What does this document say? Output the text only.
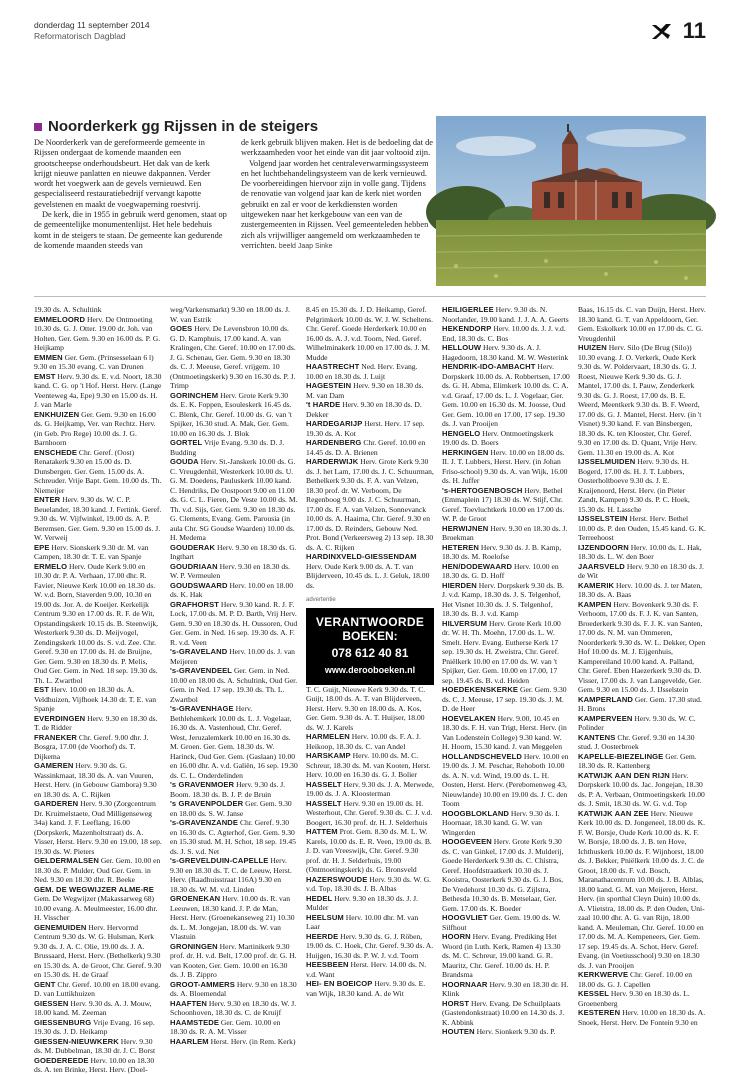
donderdag 11 september 2014
Reformatorisch Dagblad	11
Noorderkerk gg Rijssen in de steigers

De Noorderkerk van de gereformeerde gemeente in Rijssen ondergaat de komende maanden een grootscheepse onderhoudsbeurt. Het dak van de kerk krijgt nieuwe panlatten en nieuwe dakpannen. Verder wordt het voegwerk aan de gevels vernieuwd. Een gespecialiseerd restauratiebedrijf vervangt kapotte gevelstenen en maakt de voegwaperning roestvrij.

De kerk, die in 1955 in gebruik werd genomen, staat op de gemeentelijke monumentenlijst. Het hele bedehuis komt in de steigers te staan. De gemeente kan gedurende de komende maanden steeds van

de kerk gebruik blijven maken. Het is de bedoeling dat de werkzaamheden voor het einde van dit jaar voltooid zijn.

Volgend jaar worden het centraleverwarmingssysteem en het luchtbehandelingsysteem van de kerk vernieuwd. De voorbereidingen hiervoor zijn in volle gang. Tijdens de renovatie van volgend jaar kan de kerk niet worden gebruikt en zal er voor de kerkdiensten worden uitgeweken naar het kerkgebouw van een van de zustergemeenten in Rijssen. Veel gemeenteleden hebben zich als vrijwilliger aangemeld om werkzaamheden te verrichten. beeld Jaap Sinke

19.30 ds. A. Schultink
EMMELOORD Herv. De Ontmoeting 10.30 ds. G. J. Otter. 19.00 dr. Joh. van Holten. Ger. Gem. 9.30 en 16.00 ds. P. G. Heijkamp
EMMEN Ger. Gem. (Prinsesselaan 6 l) 9.30 en 15.30 evang. C. van Drunen
EMST Herv. 9.30 ds. E. v.d. Noort, 18.30 kand. C. G. op 't Hof. Herst. Herv. (Lange Veenteweg 4a, Epe) 9.30 en 15.00 ds. H. J. van Marle
ENKHUIZEN Ger. Gem. 9.30 en 16.00 ds. G. Heijkamp, Ver. van Rechtz. Herv. (in Geb. Pro Rege) 10.00 ds. J. G. Barnhoorn
ENSCHEDE Chr. Geref. (Oost) Renatakerk 9.30 en 15.00 ds. D. Dunsbergen. Ger. Gem. 15.00 ds. A. Schreuder. Vrije Bapt. Gem. 10.00 ds. Th. Niemeijer
ENTER Herv. 9.30 ds. W. C. P. Beuelander, 18.30 kand. J. Fertink. Geref. 9.30 ds. W. Vijfwinkel, 19.00 ds. A. P. Beremsen. Ger. Gem. 9.30 en 15.00 ds. J. W. Verweij
EPE Herv. Sionskerk 9.30 dr. M. van Campen, 18.30 dr. T. E. van Spanje
ERMELO Herv. Oude Kerk 9.00 en 10.30 dr. P. A. Verhaan, 17.00 dhr. R. Favier, Nieuwe Kerk 10.00 en 18.30 ds. W. v.d. Born, Staverden 9.00, 10.30 en 19.00 ds. Jor. A. de Koeijer. Kerkelijk Centrum 9.30 en 17.00 ds. R. F. de Wit, Opstandingskerk 10.15 ds. B. Steenwijk, Westerkerk 9.30 ds. D. Meijvogel, Zendingskerk 10.00 ds. S. v.d. Zee. Chr. Geref. 9.30 en 17.00 ds. H. de Bruijne, Ger. Gem. 9.30 en 18.30 ds. P. Melis, Oud Ger. Gem. in Ned. 18 sep. 19.30 ds. Th. L. Zwartbol
EST Herv. 10.00 en 18.30 ds. A. Veldhuizen, Vijfhoek 14.30 dr. T. E. van Spanje
EVERDINGEN Herv. 9.30 en 18.30 ds. T. de Ridder
FRANEKER Chr. Geref. 9.00 dhr. J. Bosgra, 17.00 (de Voorhof) ds. T. Dijkema
GAMEREN Herv. 9.30 ds. G. Wassinkmaat, 18.30 ds. A. van Vuuren, Herst. Herv. (in Gebouw Gambora) 9.30 en 18.30 ds. A. C. Rijken
GARDEREN Herv. 9.30 (Zorgcentrum Dr. Kruimelstaete, Oud Milligenseweg 34a) kand. J. F. Leeflang, 16.00 (Dorpskerk, Mazenholtstraat) ds. A. Visser, Herst. Herv. 9.30 en 19.00, 18 sep. 19.30 ds. W. Pieters
GELDERMALSEN Ger. Gem. 10.00 en 18.30 ds. P. Mulder, Oud Ger. Gem. in Ned. 9.30 en 18.30 dhr. R. Beeke
GEM. DE WEGWIJZER ALME-RE Gem. De Wegwijzer (Makassarweg 68) 10.00 evang. A. Meulmeester, 16.00 dhr. H. Visscher
GENEMUIDEN Herv. Hervormd Centrum 9.30 ds. W. G. Hulsman, Kerk 9.30 ds. J. A. C. Olie, 19.00 ds. J. A. Brussaard, Herst. Herv. (Bethelkerk) 9.30 en 15.30 ds. A. de Groot, Chr. Geref. 9.30 en 15.30 ds. H. de Graaf
GENT Chr. Geref. 10.00 en 18.00 evang. D. van Luttikhuizen
GIESSEN Herv. 9.30 ds. A. J. Mouw, 18.00 kand. M. Zeeman
GIESSENBURG Vrije Evang. 16 sep. 19.30 ds. J. D. Heikamp
GIESSEN-NIEUWKERK Herv. 9.30 ds. M. Dubbelman, 18.30 dr. J. C. Borst
GOEDEREEDE Herv. 10.00 en 18.30 ds. A. ten Brinke, Herst. Herv. (Doel-
weg/Varkensmarkt) 9.30 en 18.00 ds. J. W. van Estrik
GOES Herv. De Levensbron 10.00 ds. G. D. Kamphuis, 17.00 kand. A. van Kralingen, Chr. Geref. 10.00 en 17.00 ds. J. G. Schenau, Ger. Gem. 9.30 en 18.30 ds. C. J. Meeuse, Geref. vrijgem. 10 (Ontmoetingskerk) 9.30 en 16.30 ds. P. J. Trimp
GORINCHEM Herv. Grote Kerk 9.30 ds. E. K. Foppen, Esouleskerk 16.45 ds. C. Blenk, Chr. Geref. 10.00 ds. G. van 't Spijker, 16.30 stud. A. Mak, Ger. Gem. 10.00 en 16.30 ds. J. Blok
GORTEL Vrije Evang. 9.30 ds. D. J. Budding
GOUDA Herv. St.-Janskerk 10.00 ds. G. C. Vreugdenhil, Westerkerk 10.00 ds. U. G. M. Doedens, Pauluskerk 10.00 kand. C. Hendriks, De Oostpoort 9.00 en 11.00 ds. G. C. L. Fieren, De Veste 10.00 ds. M. Th. v.d. Sijs, Ger. Gem. 9.30 en 18.30 ds. G. Clements, Evang. Gem. Parousia (in aula Chr. SG Goudse Waarden) 10.00 ds. H. Medema
GOUDERAK Herv. 9.30 en 18.30 ds. G. Ingthart
GOUDRIAAN Herv. 9.30 en 18.30 ds. W. P. Vermeulen
GOUDSWAARD Herv. 10.00 en 18.00 ds. K. Hak
GRAFHORST Herv. 9.30 kand. R. J. F. Lock, 17.00 ds. M. P. D. Barth, Vrij Herv. Gem. 9.30 en 18.30 ds. H. Oussoren, Oud Ger. Gem. in Ned. 16 sep. 19.30 ds. A. F. R. v.d. Veen
's-GRAVELAND Herv. 10.00 ds. J. van Meijeren
's-GRAVENDEEL Ger. Gem. in Ned. 10.00 en 18.00 ds. A. Schultink, Oud Ger. Gem. in Ned. 17 sep. 19.30 ds. Th. L. Zwartbol
's-GRAVENHAGE Herv. Bethlehemkerk 10.00 ds. L. J. Vogelaar, 16.30 ds. A. Vastenhoud, Chr. Geref. West, Jeruzalemkerk 10.00 en 16.30 ds. M. Groen. Ger. Gem. 18.30 ds. W. Harinck, Oud Ger. Gem. (Gaslaan) 10.00 en 16.00 dhr. A. v.d. Galiën, 16 sep. 19.30 ds. C. L. Onderdelinden
's GRAVENMOER Herv. 9.30 ds. J. Boom. 18.30 ds. B. J. P. de Bruin
's GRAVENPOLDER Ger. Gem. 9.30 en 18.00 ds. S. W. Janse
's-GRAVENZANDE Chr. Geref. 9.30 en 16.30 ds. C. Agterhof, Ger. Gem. 9.30 en 15.30 stud. M. H. Schot, 18 sep. 19.45 ds. J. S. v.d. Net
's-GREVELDUIN-CAPELLE Herv. 9.30 en 18.30 ds. T. C. de Leeuw, Herst. Herv. (Raadhuisstraat 116A) 9.30 en 18.30 ds. W. M. v.d. Linden
GROENEKAN Herv. 10.00 ds. R. van Leeuwen, 18.30 kand. J. P. de Man, Herst. Herv. (Groenekanseweg 21) 10.30 ds. L. M. Jongejan, 18.00 ds. W. van Vlastuin
GRONINGEN Herv. Martinikerk 9.30 prof. dr. H. v.d. Belt, 17.00 prof. dr. G. H. van Kooten, Ger. Gem. 10.00 en 16.30 ds. J. B. Zippro
GROOT-AMMERS Herv. 9.30 en 18.30 ds. A. Bloemendal
HAAFTEN Herv. 9.30 en 18.30 ds. W. J. Schoonhoven, 18.30 ds. C. de Kruijf
HAAMSTEDE Ger. Gem. 10.00 en 18.30 ds. R. A. M. Visser
HAARLEM Herst. Herv. (in Rem. Kerk)
8.45 en 15.30 ds. J. D. Heikamp, Geref. Pelgrimkerk 10.00 ds. W. J. W. Scheltens. Chr. Geref. Goede Herderkerk 10.00 en 16.00 ds. A. J. v.d. Toorn, Ned. Geref. Wilhelminakerk 10.00 en 17.00 ds. J. M. Mudde
HAASTRECHT Ned. Herv. Evang. 10.00 en 18.30 ds. J. Luijt
HAGESTEIN Herv. 9.30 en 18.30 ds. M. van Dam
't HARDE Herv. 9.30 en 18.30 ds. D. Dekker
HARDEGARIJP Herst. Herv. 17 sep. 19.30 ds. A. Kot
HARDENBERG Chr. Geref. 10.00 en 14.45 ds. D. A. Brienen
HARDERWIJK Herv. Grote Kerk 9.30 ds. J. het Lam, 17.00 ds. J. C. Schuurman, Bethelkerk 9.30 ds. F. A. van Velzen, 18.30 prof. dr. W. Verboom, De Regenboog 9.00 ds. J. C. Schuurman, 17.00 ds. F. A. van Velzen, Sonnevanck 10.00 ds. A. Haaima, Chr. Geref. 9.30 en 17.00 ds. D. Reinders, Gebouw Ned. Prot. Bond (Verkeersweg 2) 13 sep. 18.30 ds. A. C. Rijken
HARDINXVELD-GIESSENDAM Herv. Oude Kerk 9.00 ds. A. T. van Blijderveen, 10.45 ds. L. J. Geluk, 18.00 ds.
advertentie
VERANTWOORDE
BOEKEN:
078 612 40 81
www.derooboeken.nl
T. C. Guijt, Nieuwe Kerk 9.30 ds. T. C. Guijt, 18.00 ds. A. T. van Blijderveen, Herst. Herv. 9.30 en 18.00 ds. A. Kos, Ger. Gem. 9.30 ds. A. T. Huijser, 18.00 ds. W. J. Karels
HARMELEN Herv. 10.00 ds. F. A. J. Heikoop, 18.30 ds. C. van Andel
HARSKAMP Herv. 10.00 ds. M. C. Schreur, 18.30 ds. M. van Kooten, Herst. Herv. 10.00 en 16.30 ds. G. J. Bolier
HASSELT Herv. 9.30 ds. J. A. Merwede, 19.00 ds. J. A. Kloosterman
HASSELT Herv. 9.30 en 19.00 ds. H. Westerhout, Chr. Geref. 9.30 ds. C. J. v.d. Boogert, 16.30 prof. dr. H. J. Selderhuis
HATTEM Prot. Gem. 8.30 ds. M. L. W. Karels, 10.00 ds. E. R. Veen, 19.00 ds. B. J. D. van Vreeswijk, Chr. Geref. 9.30 prof. dr. H. J. Selderhuis, 19.00 (Ontmoetingskerk) ds. G. Bronsveld
HAZERSWOUDE Herv. 9.30 ds. W. G. v.d. Top, 18.30 ds. J. B. Albas
HEDEL Herv. 9.30 en 18.30 ds. J. J. Mulder
HEELSUM Herv. 10.00 dhr. M. van Laar
HEERDE Herv. 9.30 ds. G. J. Röben, 19.00 ds. C. Hoek, Chr. Geref. 9.30 ds. A. Huijgen, 16.30 ds. P. W. J. v.d. Toorn
HEESBEEN Herst. Herv. 14.00 ds. N. v.d. Want
HEI- EN BOEICOP Herv. 9.30 ds. E. van Wijk, 18.30 kand. A. de Wit
HEILIGERLEE Herv. 9.30 ds. N. Noorlander, 19.00 kand. J. J. A. A. Geerts
HEKENDORP Herv. 10.00 ds. J. J. v.d. End, 18.30 ds. C. Bos
HELLOUW Herv. 9.30 ds. A. J. Hagedoorn, 18.30 kand. M. W. Westerink
HENDRIK-IDO-AMBACHT Herv. Dorpskerk 10.00 ds. A. Robbertsen, 17.00 ds. G. H. Abma, Elimkerk 10.00 ds. C. A. v.d. Graaf, 17.00 ds. L. J. Vogelaar, Ger. Gem. 10.00 en 16.30 ds. M. Joosse, Oud Ger. Gem. 10.00 en 17.00, 17 sep. 19.30 ds. J. van Prooijen
HENGELO Herv. Ontmoetingskerk 19.00 ds. D. Boers
HERKINGEN Herv. 10.00 en 18.00 ds. II. J. T. Lubbers, Herst. Herv. (in Johan Friso-school) 9.30 ds. A. van Wijk, 16.00 ds. H. Juffer
's-HERTOGENBOSCH Herv. Bethel (Emmaplein 17) 18.30 ds. W. Stijf, Chr. Geref. Toevluchtkerk 10.00 en 17.00 ds. W. P. de Groot
HERWIJNEN Herv. 9.30 en 18.30 ds. J. Broekman
HETEREN Herv. 9.30 ds. J. B. Kamp, 18.30 ds. M. Roelofse
HEN/DODEWAARD Herv. 10.00 en 18.30 ds. G. D. Hoff
HIERDEN Herv. Dorpskerk 9.30 ds. B. J. v.d. Kamp, 18.30 ds. J. S. Telgenhof, Het Visnet 10.30 ds. J. S. Telgenhof, 18.30 ds. B. J. v.d. Kamp
HILVERSUM Herv. Grote Kerk 10.00 dr. W. H. Th. Moehn, 17.00 ds. L. W. Smelt. Herv. Evang. Eutherse Kerk 17 sep. 19.30 ds. H. Zweistra, Chr. Geref. Pniëlkerk 10.00 en 17.00 ds. W. van 't Spijker, Ger. Gem. 10.00 en 17.00, 17 sep. 19.45 ds. B. v.d. Heiden
HOEDEKENSKERKE Ger. Gem. 9.30 ds. C. J. Meeuse, 17 sep. 19.30 ds. J. M. D. de Heer
HOEVELAKEN Herv. 9.00, 10.45 en 18.30 ds. F. H. van Trigt, Herst. Herv. (in Van Lodenstein College) 9.30 kand. W. H. Hoorn, 15.30 kand. J. van Meggelen
HOLLANDSCHEVELD Herv. 10.00 en 19.00 ds. J. M. Peschar, Rehoboth 10.00 ds. A. N. v.d. Wind, 19.00 ds. L. H. Oosten, Herst. Herv. (Perebomenweg 43, Nieuwlande) 10.00 en 19.00 ds. J. C. den Toom
HOOGBLOKLAND Herv. 9.30 ds. I. Hoornaar, 18.30 kand. G. W. van Wingerden
HOOGEVEEN Herv. Grote Kerk 9.30 ds. C. van Ginkel, 17.00 ds. J. Mulderij, Goede Herderkerk 9.30 ds. C. Chistra, Geref. Hoofdstraatkerk 10.30 ds. J. Kooistra, Oosterkerk 9.30 ds. G. J. Bos, De Vredehorst 10.30 ds. G. Zijlstra, Bethesda 10.30 ds. B. Metselaar, Ger. Gem. 17.00 ds. K. Boeder
HOOGVLIET Ger. Gem. 19.00 ds. W. Silfhout
HOORN Herv. Evang. Prediking Het Woord (in Luth. Kerk, Ramen 4) 13.30 ds. M. C. Schreur, 19.00 kand. G. R. Mauritz, Chr. Geref. 10.00 ds. H. P. Brandsma
HOORNAAR Herv. 9.30 en 18.30 dr. H. Klink
HORST Herv. Evang. De Schuilplaats (Gastendonkstraat) 10.00 en 14.30 ds. J. K. Abbink
HOUTEN Herv. Sionkerk 9.30 ds. P.
Baas, 16.15 ds. C. van Duijn, Herst. Herv. 18.30 kand. G. T. van Appeldoorn, Ger. Gem. Eskolkerk 10.00 en 17.00 ds. C. G. Vreugdenhil
HUIZEN Herv. Silo (De Brug (Silo)) 10.30 evang. J. O. Verkerk, Oude Kerk 9.30 ds. W. Poldervaart, 18.30 ds. G. J. Roest, Nieuwe Kerk 9.30 ds. G. J. Mantel, 17.00 ds. I. Pauw, Zenderkerk 9.30 ds. G. J. Roest, 17.00 ds. B. E. Weerd, Meentkerk 9.30 ds. B. F. Weerd, 17.00 ds. G. J. Mantel, Herst. Herv. (in 't Visnet) 9.30 kand. F. van Binsbergen, 18.30 ds. K. ten Klooster, Chr. Geref. 9.30 en 17.00 ds. D. Quant, Vrije Herv. Gem. 11.30 en 19.00 ds. A. Kot
IJSSELMUIDEN Herv. 9.30 ds. H. Bogerd, 17.00 ds. H. J. T. Lubbers, Oosterholtboeve 9.30 ds. J. E. Kraijenoord, Herst. Herv. (in Pieter Zandt, Kampen) 9.30 ds. P. C. Hoek, 15.30 ds. H. Lassche
IJSSELSTEIN Herst. Herv. Bethel 10.00 ds. P. den Ouden, 15.45 kand. G. K. Terreehoost
IJZENDOORN Herv. 10.00 ds. L. Hak, 18.30 ds. L. W. den Boer
JAARSVELD Herv. 9.30 en 18.30 ds. J. de Wit
KAMERIK Herv. 10.00 ds. J. ter Maten, 18.30 ds. A. Baas
KAMPEN Herv. Bovenkerk 9.30 ds. F. Verhoom, 17.00 ds. F. J. K. van Santen, Broederkerk 9.30 ds. F. J. K. van Santen, 17.00 ds. N. M. van Ommeren, Noorderkerk 9.30 ds. W. L. Dekker, Open Hof 10.00 ds. M. J. Eijgenhuis, Kampereiland 10.00 kand. A. Palland, Chr. Geref. Eben Haezerkerk 9.30 ds. D. Visser, 17.00 ds. J. van Langevelde, Ger. Gem. 9.30 en 15.00 ds. J. IJsselstein
KAMPERLAND Ger. Gem. 17.30 stud. H. Brons
KAMPERVEEN Herv. 9.30 ds. W. C. Polinder
KANTENS Chr. Geref. 9.30 en 14.30 stud. J. Oosterbroek
KAPELLE-BIEZELINGE Ger. Gem. 18.30 ds. R. Kattenberg
KATWIJK AAN DEN RIJN Herv. Dorpskerk 10.00 ds. Jac. Jongejan, 18.30 ds. P. A. Verbaan, Ontmoetingskerk 10.00 ds. J. Smit, 18.30 ds. W. G. v.d. Top
KATWIJK AAN ZEE Herv. Nieuwe Kerk 10.00 ds. D. Jongeneel, 18.00 ds. K. F. W. Borsje, Oude Kerk 10.00 ds. K. F. W. Borsje, 18.00 ds. J. B. ten Hove, Ichthuskerk 10.00 ds. F. Wijnhorst, 18.00 ds. J. Bekker, Pniëlkerk 10.00 ds. J. C. de Groot, 18.00 ds. F. v.d. Bosch, Maranathacentrum 10.00 ds. J. B. Alblas, 18.00 kand. G. M. van Meijeren, Herst. Herv. (in sporthal Cleyn Duin) 10.00 ds. A. Vlietstra, 18.00 ds. P. den Ouden, Uni-zaal 10.00 dhr. A. G. van Rijn, 18.00 kand. A. Meuleman, Chr. Geref. 10.00 en 17.00 ds. M. A. Kempeneers, Ger. Gem. 17 sep. 19.45 ds. A. Schot, Herv. Geref. Evang. (in Voetiusschool) 9.30 en 18.30 ds. J. van Prooijen
KERKWERVE Chr. Geref. 10.00 en 18.00 ds. G. J. Capellen
KESSEL Herv. 9.30 en 18.30 ds. L. Groenenberg
KESTEREN Herv. 10.00 en 18.30 ds. A. Snoek, Herst. Herv. De Fontein 9.30 en
